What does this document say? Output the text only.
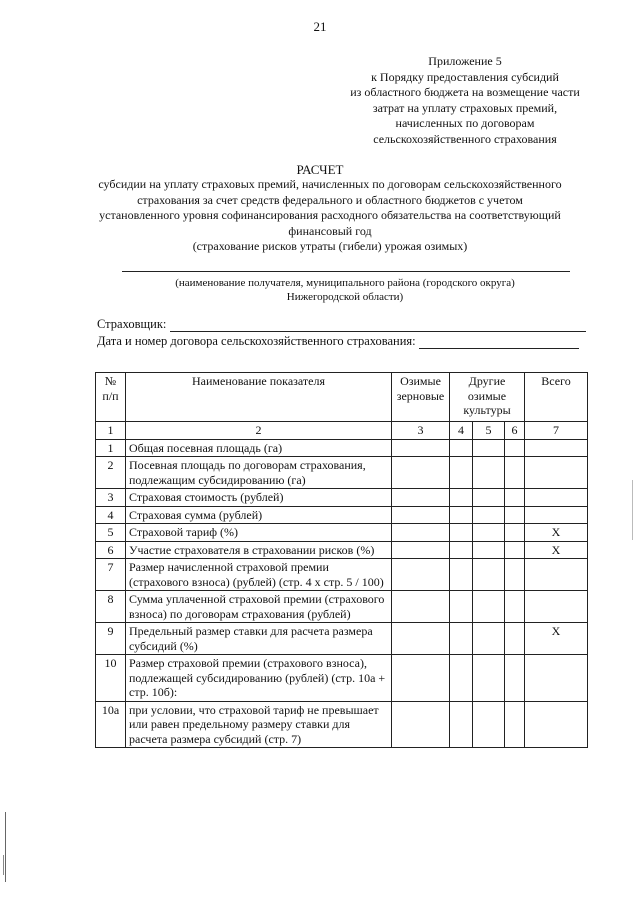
21
Приложение 5
к Порядку предоставления субсидий
из областного бюджета на возмещение части
затрат на уплату страховых премий,
начисленных по договорам
сельскохозяйственного страхования
РАСЧЕТ
субсидии на уплату страховых премий, начисленных по договорам сельскохозяйственного
страхования за счет средств федерального и областного бюджетов с учетом
установленного уровня софинансирования расходного обязательства на соответствующий
финансовый год
(страхование рисков утраты (гибели) урожая озимых)
(наименование получателя, муниципального района (городского округа)
Нижегородской области)
Страховщик:
Дата и номер договора сельскохозяйственного страхования:
№ п/п	Наименование показателя	Озимые зерновые	Другие озимые культуры			Всего
1	2	3	4	5	6	7
1	Общая посевная площадь (га)					
2	Посевная площадь по договорам страхования, подлежащим субсидированию (га)					
3	Страховая стоимость (рублей)					
4	Страховая сумма (рублей)					
5	Страховой тариф (%)					X
6	Участие страхователя в страховании рисков (%)					X
7	Размер начисленной страховой премии (страхового взноса) (рублей) (стр. 4 x стр. 5 / 100)					
8	Сумма уплаченной страховой премии (страхового взноса) по договорам страхования (рублей)					
9	Предельный размер ставки для расчета размера субсидий (%)					X
10	Размер страховой премии (страхового взноса), подлежащей субсидированию (рублей) (стр. 10а + стр. 10б):					
10а	при условии, что страховой тариф не превышает или равен предельному размеру ставки для расчета размера субсидий (стр. 7)					
